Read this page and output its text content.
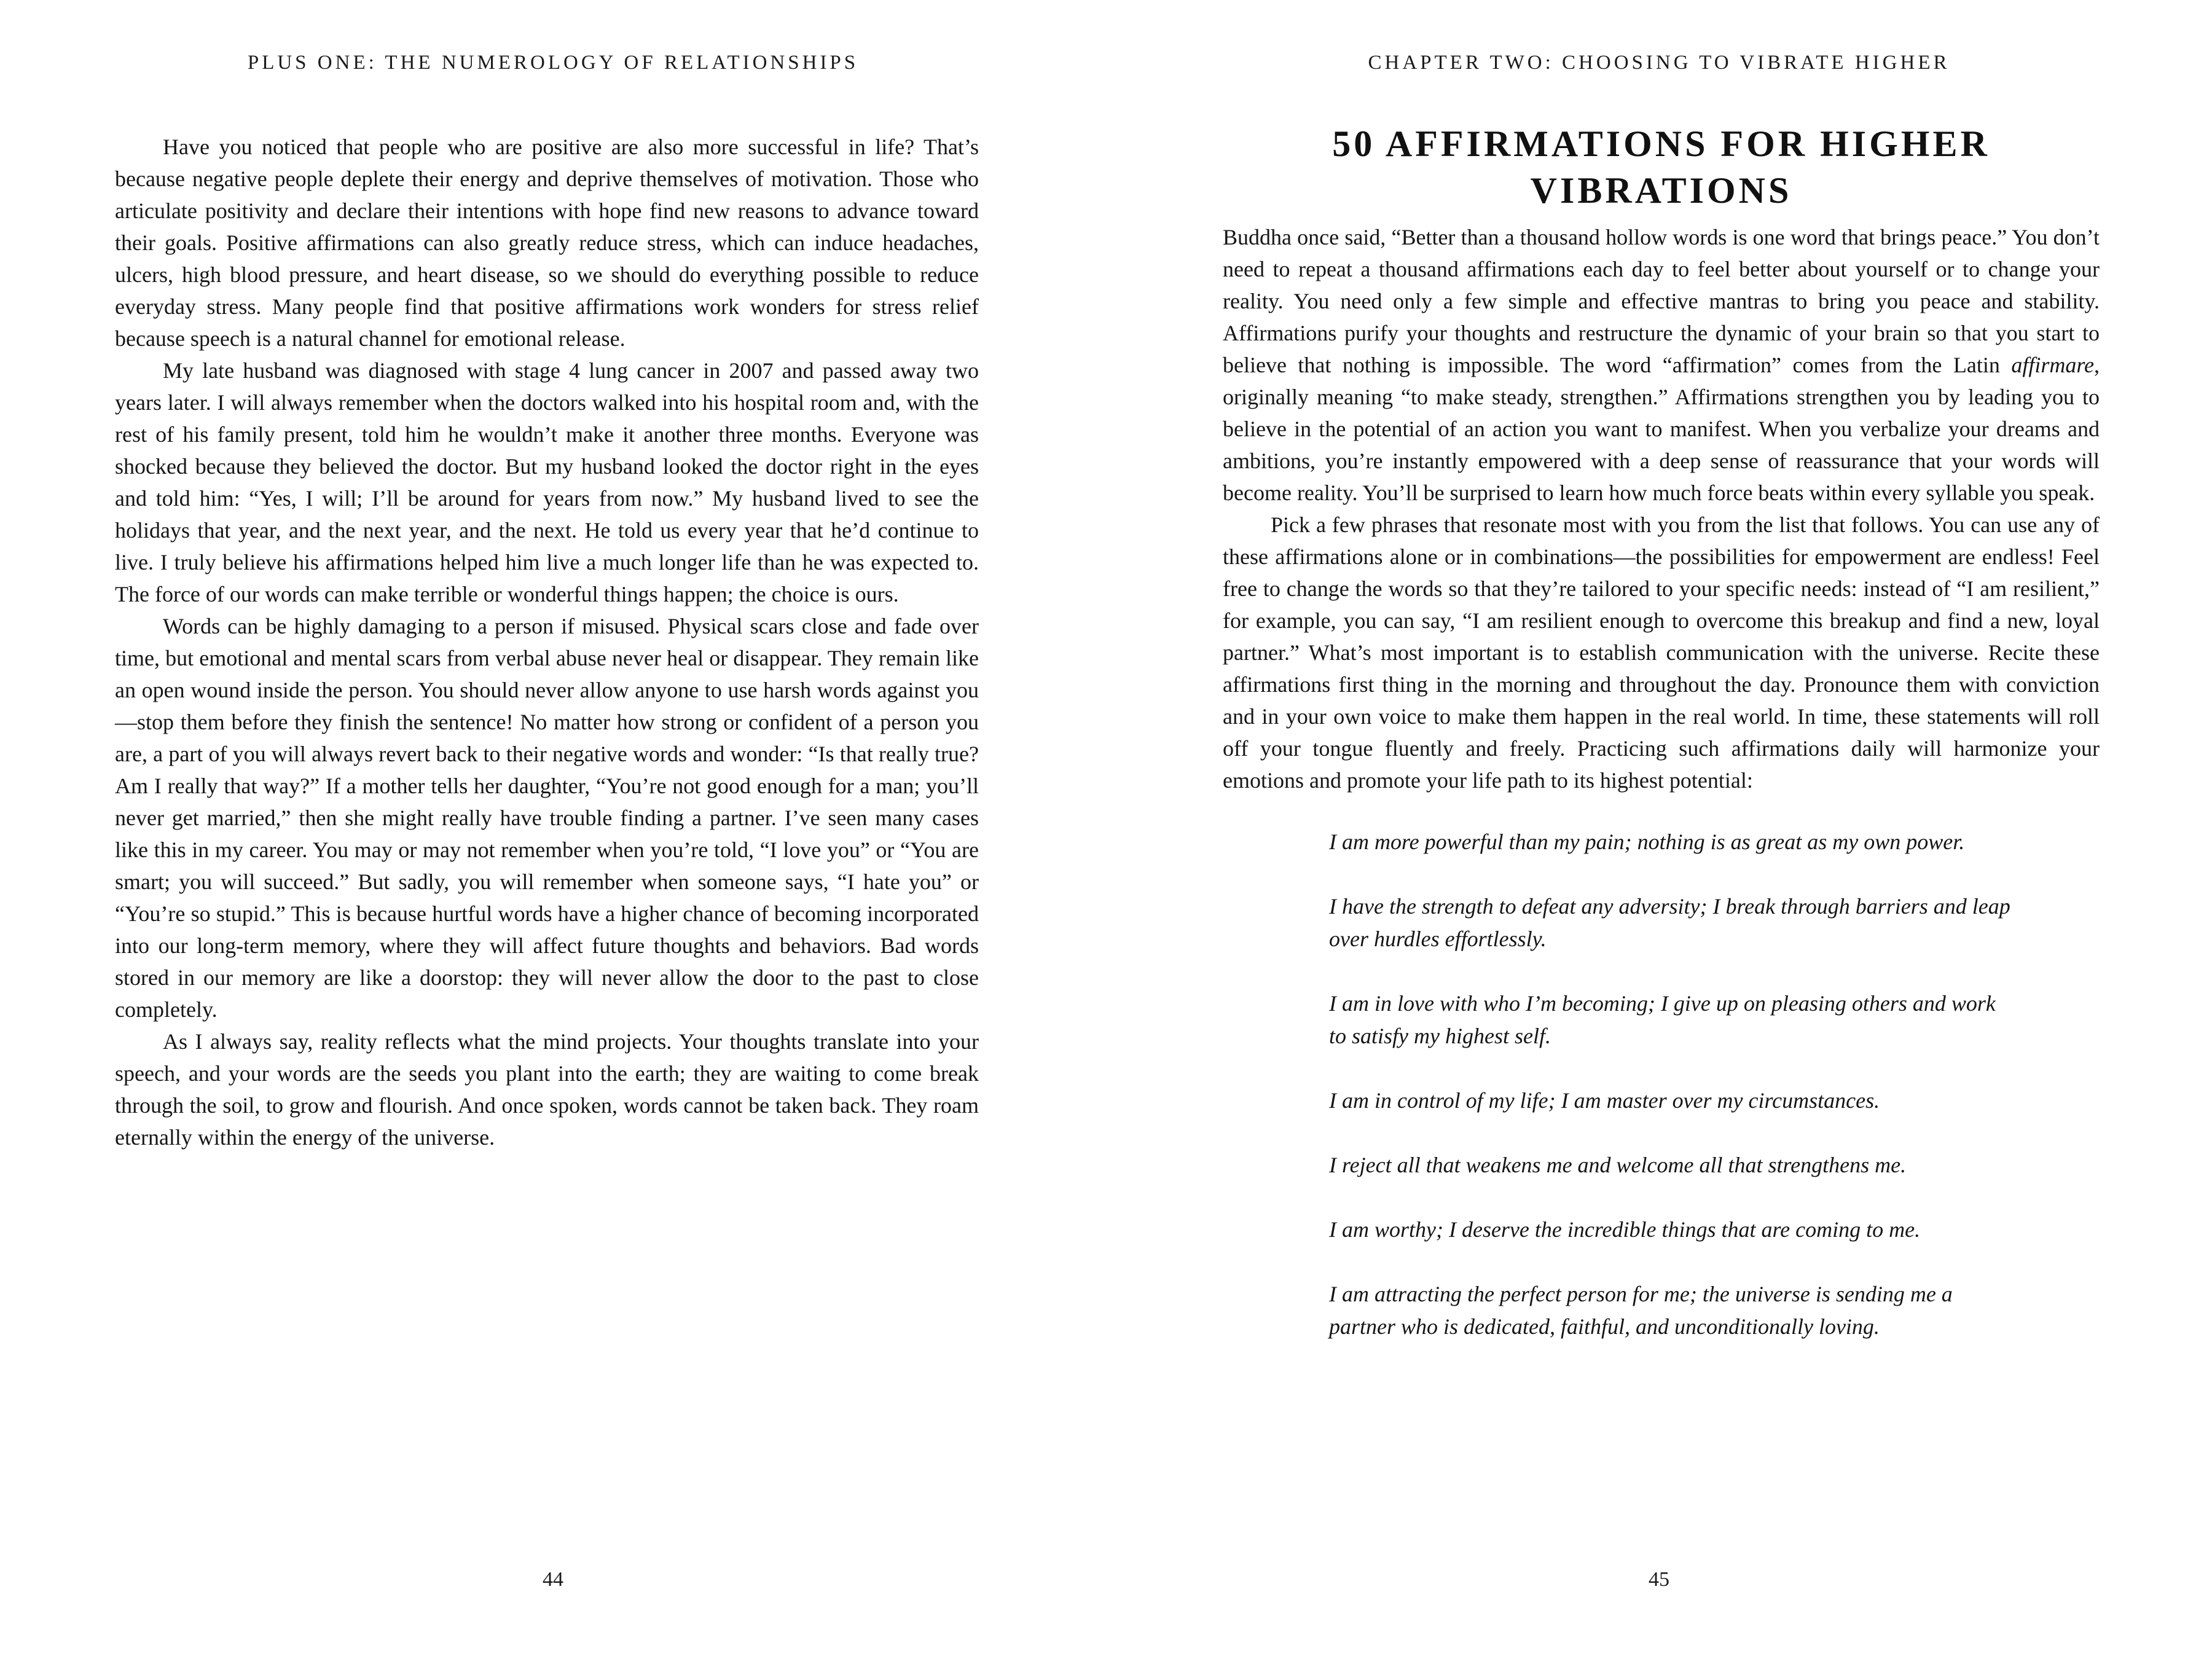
PLUS ONE: THE NUMEROLOGY OF RELATIONSHIPS

Have you noticed that people who are positive are also more successful in life? That’s because negative people deplete their energy and deprive themselves of motivation. Those who articulate positivity and declare their intentions with hope find new reasons to advance toward their goals. Positive affirmations can also greatly reduce stress, which can induce headaches, ulcers, high blood pressure, and heart disease, so we should do everything possible to reduce everyday stress. Many people find that positive affirmations work wonders for stress relief because speech is a natural channel for emotional release.

My late husband was diagnosed with stage 4 lung cancer in 2007 and passed away two years later. I will always remember when the doctors walked into his hospital room and, with the rest of his family present, told him he wouldn’t make it another three months. Everyone was shocked because they believed the doctor. But my husband looked the doctor right in the eyes and told him: “Yes, I will; I’ll be around for years from now.” My husband lived to see the holidays that year, and the next year, and the next. He told us every year that he’d continue to live. I truly believe his affirmations helped him live a much longer life than he was expected to. The force of our words can make terrible or wonderful things happen; the choice is ours.

Words can be highly damaging to a person if misused. Physical scars close and fade over time, but emotional and mental scars from verbal abuse never heal or disappear. They remain like an open wound inside the person. You should never allow anyone to use harsh words against you—stop them before they finish the sentence! No matter how strong or confident of a person you are, a part of you will always revert back to their negative words and wonder: “Is that really true? Am I really that way?” If a mother tells her daughter, “You’re not good enough for a man; you’ll never get married,” then she might really have trouble finding a partner. I’ve seen many cases like this in my career. You may or may not remember when you’re told, “I love you” or “You are smart; you will succeed.” But sadly, you will remember when someone says, “I hate you” or “You’re so stupid.” This is because hurtful words have a higher chance of becoming incorporated into our long-term memory, where they will affect future thoughts and behaviors. Bad words stored in our memory are like a doorstop: they will never allow the door to the past to close completely.

As I always say, reality reflects what the mind projects. Your thoughts translate into your speech, and your words are the seeds you plant into the earth; they are waiting to come break through the soil, to grow and flourish. And once spoken, words cannot be taken back. They roam eternally within the energy of the universe.

44
CHAPTER TWO: CHOOSING TO VIBRATE HIGHER
50 AFFIRMATIONS FOR HIGHER
VIBRATIONS

Buddha once said, “Better than a thousand hollow words is one word that brings peace.” You don’t need to repeat a thousand affirmations each day to feel better about yourself or to change your reality. You need only a few simple and effective mantras to bring you peace and stability. Affirmations purify your thoughts and restructure the dynamic of your brain so that you start to believe that nothing is impossible. The word “affirmation” comes from the Latin affirmare, originally meaning “to make steady, strengthen.” Affirmations strengthen you by leading you to believe in the potential of an action you want to manifest. When you verbalize your dreams and ambitions, you’re instantly empowered with a deep sense of reassurance that your words will become reality. You’ll be surprised to learn how much force beats within every syllable you speak.

Pick a few phrases that resonate most with you from the list that follows. You can use any of these affirmations alone or in combinations—the possibilities for empowerment are endless! Feel free to change the words so that they’re tailored to your specific needs: instead of “I am resilient,” for example, you can say, “I am resilient enough to overcome this breakup and find a new, loyal partner.” What’s most important is to establish communication with the universe. Recite these affirmations first thing in the morning and throughout the day. Pronounce them with conviction and in your own voice to make them happen in the real world. In time, these statements will roll off your tongue fluently and freely. Practicing such affirmations daily will harmonize your emotions and promote your life path to its highest potential:

I am more powerful than my pain; nothing is as great as my own power.

I have the strength to defeat any adversity; I break through barriers and leap over hurdles effortlessly.

I am in love with who I’m becoming; I give up on pleasing others and work to satisfy my highest self.

I am in control of my life; I am master over my circumstances.

I reject all that weakens me and welcome all that strengthens me.

I am worthy; I deserve the incredible things that are coming to me.

I am attracting the perfect person for me; the universe is sending me a partner who is dedicated, faithful, and unconditionally loving.

45
